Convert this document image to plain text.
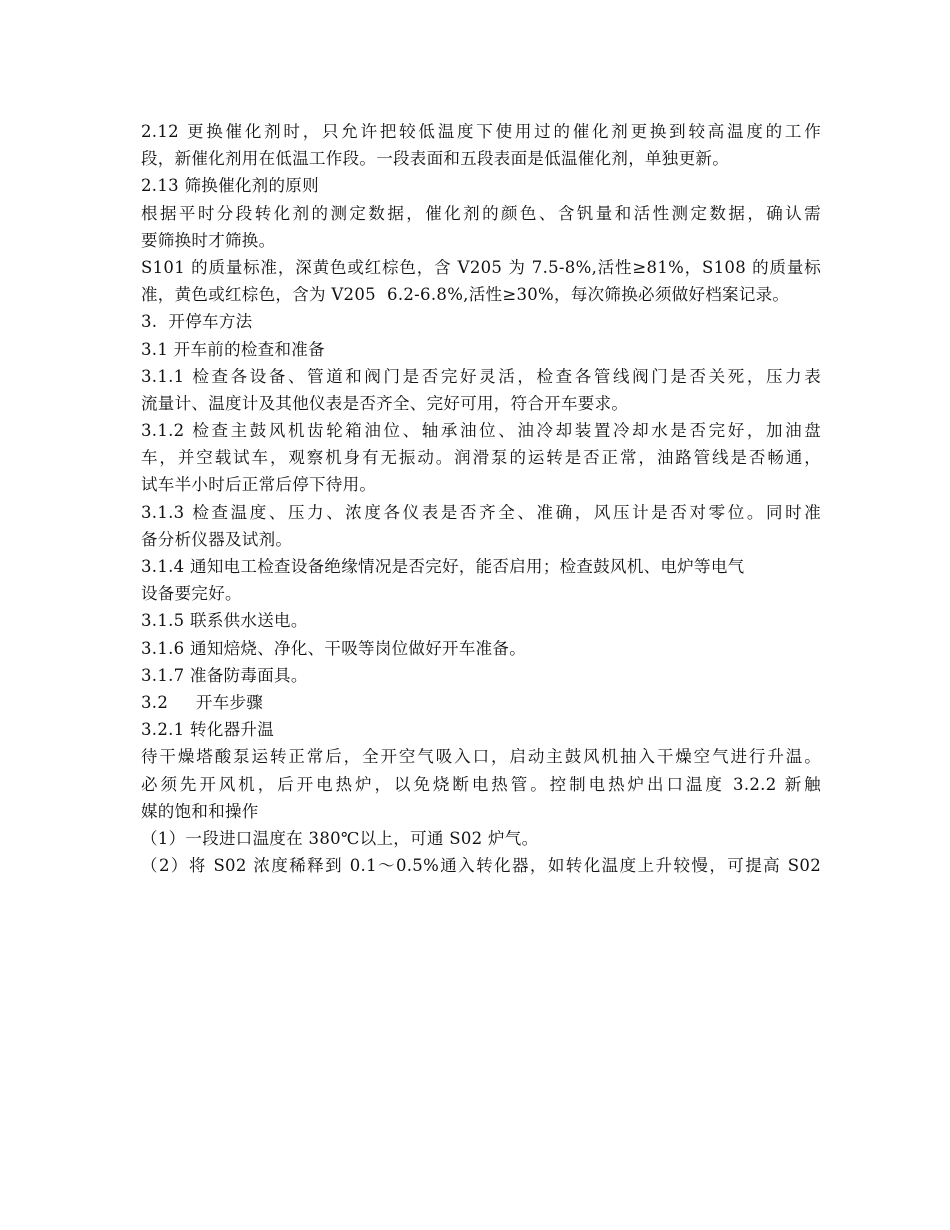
2.12 更换催化剂时，只允许把较低温度下使用过的催化剂更换到较高温度的工作

段，新催化剂用在低温工作段。一段表面和五段表面是低温催化剂，单独更新。

2.13 筛换催化剂的原则

根据平时分段转化剂的测定数据，催化剂的颜色、含钒量和活性测定数据，确认需

要筛换时才筛换。

S101 的质量标准，深黄色或红棕色，含 V205 为 7.5-8%,活性≥81%，S108 的质量标

准，黄色或红棕色，含为 V205  6.2-6.8%,活性≥30%，每次筛换必须做好档案记录。

3.  开停车方法

3.1 开车前的检查和准备

3.1.1 检查各设备、管道和阀门是否完好灵活，检查各管线阀门是否关死，压力表

流量计、温度计及其他仪表是否齐全、完好可用，符合开车要求。

3.1.2 检查主鼓风机齿轮箱油位、轴承油位、油冷却装置冷却水是否完好，加油盘

车，并空载试车，观察机身有无振动。润滑泵的运转是否正常，油路管线是否畅通，

试车半小时后正常后停下待用。

3.1.3 检查温度、压力、浓度各仪表是否齐全、准确，风压计是否对零位。同时准

备分析仪器及试剂。

3.1.4 通知电工检查设备绝缘情况是否完好，能否启用；检查鼓风机、电炉等电气

设备要完好。

3.1.5 联系供水送电。

3.1.6 通知焙烧、净化、干吸等岗位做好开车准备。

3.1.7 准备防毒面具。

3.2     开车步骤

3.2.1 转化器升温

待干燥塔酸泵运转正常后，全开空气吸入口，启动主鼓风机抽入干燥空气进行升温。

必须先开风机，后开电热炉，以免烧断电热管。控制电热炉出口温度 3.2.2 新触

媒的饱和和操作

（1）一段进口温度在 380℃以上，可通 S02 炉气。

（2）将 S02 浓度稀释到 0.1～0.5%通入转化器，如转化温度上升较慢，可提高 S02
